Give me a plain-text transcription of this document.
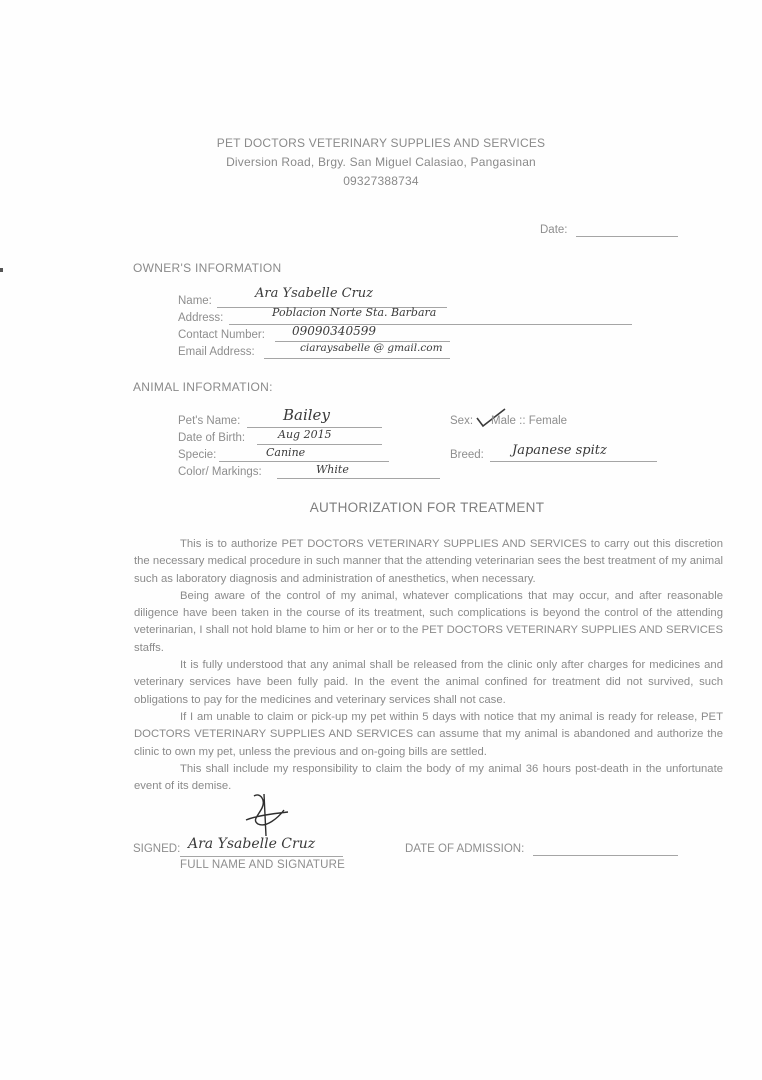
PET DOCTORS VETERINARY SUPPLIES AND SERVICES
Diversion Road, Brgy. San Miguel Calasiao, Pangasinan
09327388734
Date:
OWNER'S INFORMATION
Name:	Ara Ysabelle Cruz
Address:	Poblacion Norte Sta. Barbara
Contact Number: 09090340599
Email Address:	ciaraysabelle @ gmail.com
ANIMAL INFORMATION:
Pet's Name:	Bailey
Date of Birth:	Aug 2015
Specie:	Canine
Color/ Markings:	White
Sex: Male :: Female
Breed: Japanese spitz
AUTHORIZATION FOR TREATMENT

This is to authorize PET DOCTORS VETERINARY SUPPLIES AND SERVICES to carry out this discretion the necessary medical procedure in such manner that the attending veterinarian sees the best treatment of my animal such as laboratory diagnosis and administration of anesthetics, when necessary.

Being aware of the control of my animal, whatever complications that may occur, and after reasonable diligence have been taken in the course of its treatment, such complications is beyond the control of the attending veterinarian, I shall not hold blame to him or her or to the PET DOCTORS VETERINARY SUPPLIES AND SERVICES staffs.

It is fully understood that any animal shall be released from the clinic only after charges for medicines and veterinary services have been fully paid. In the event the animal confined for treatment did not survived, such obligations to pay for the medicines and veterinary services shall not case.

If I am unable to claim or pick-up my pet within 5 days with notice that my animal is ready for release, PET DOCTORS VETERINARY SUPPLIES AND SERVICES can assume that my animal is abandoned and authorize the clinic to own my pet, unless the previous and on-going bills are settled.

This shall include my responsibility to claim the body of my animal 36 hours post-death in the unfortunate event of its demise.

SIGNED: Ara Ysabelle Cruz
FULL NAME AND SIGNATURE
DATE OF ADMISSION:
